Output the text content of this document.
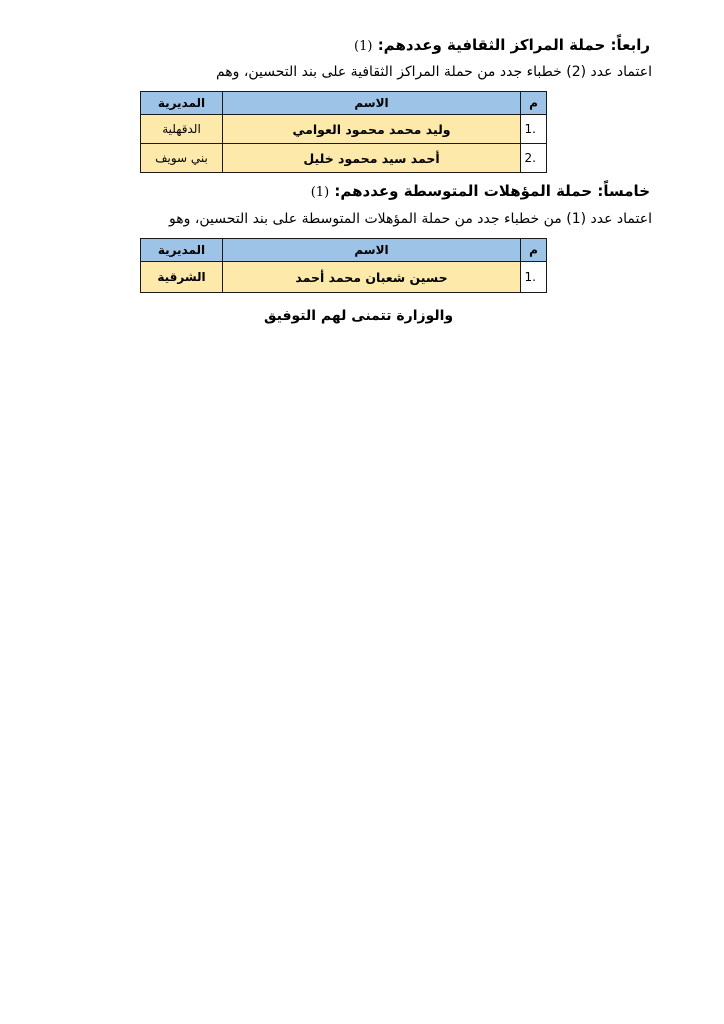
رابعاً: حملة المراكز الثقافية وعددهم: (1)
اعتماد عدد (2) خطباء جدد من حملة المراكز الثقافية على بند التحسين، وهم
م	الاسم	المديرية
1.	وليد محمد محمود العوامي	الدقهلية
2.	أحمد سيد محمود خليل	بني سويف
خامساً: حملة المؤهلات المتوسطة وعددهم: (1)
اعتماد عدد (1) من خطباء جدد من حملة المؤهلات المتوسطة على بند التحسين، وهو
م	الاسم	المديرية
1.	حسين شعبان محمد أحمد	الشرقية
والوزارة تتمنى لهم التوفيق
